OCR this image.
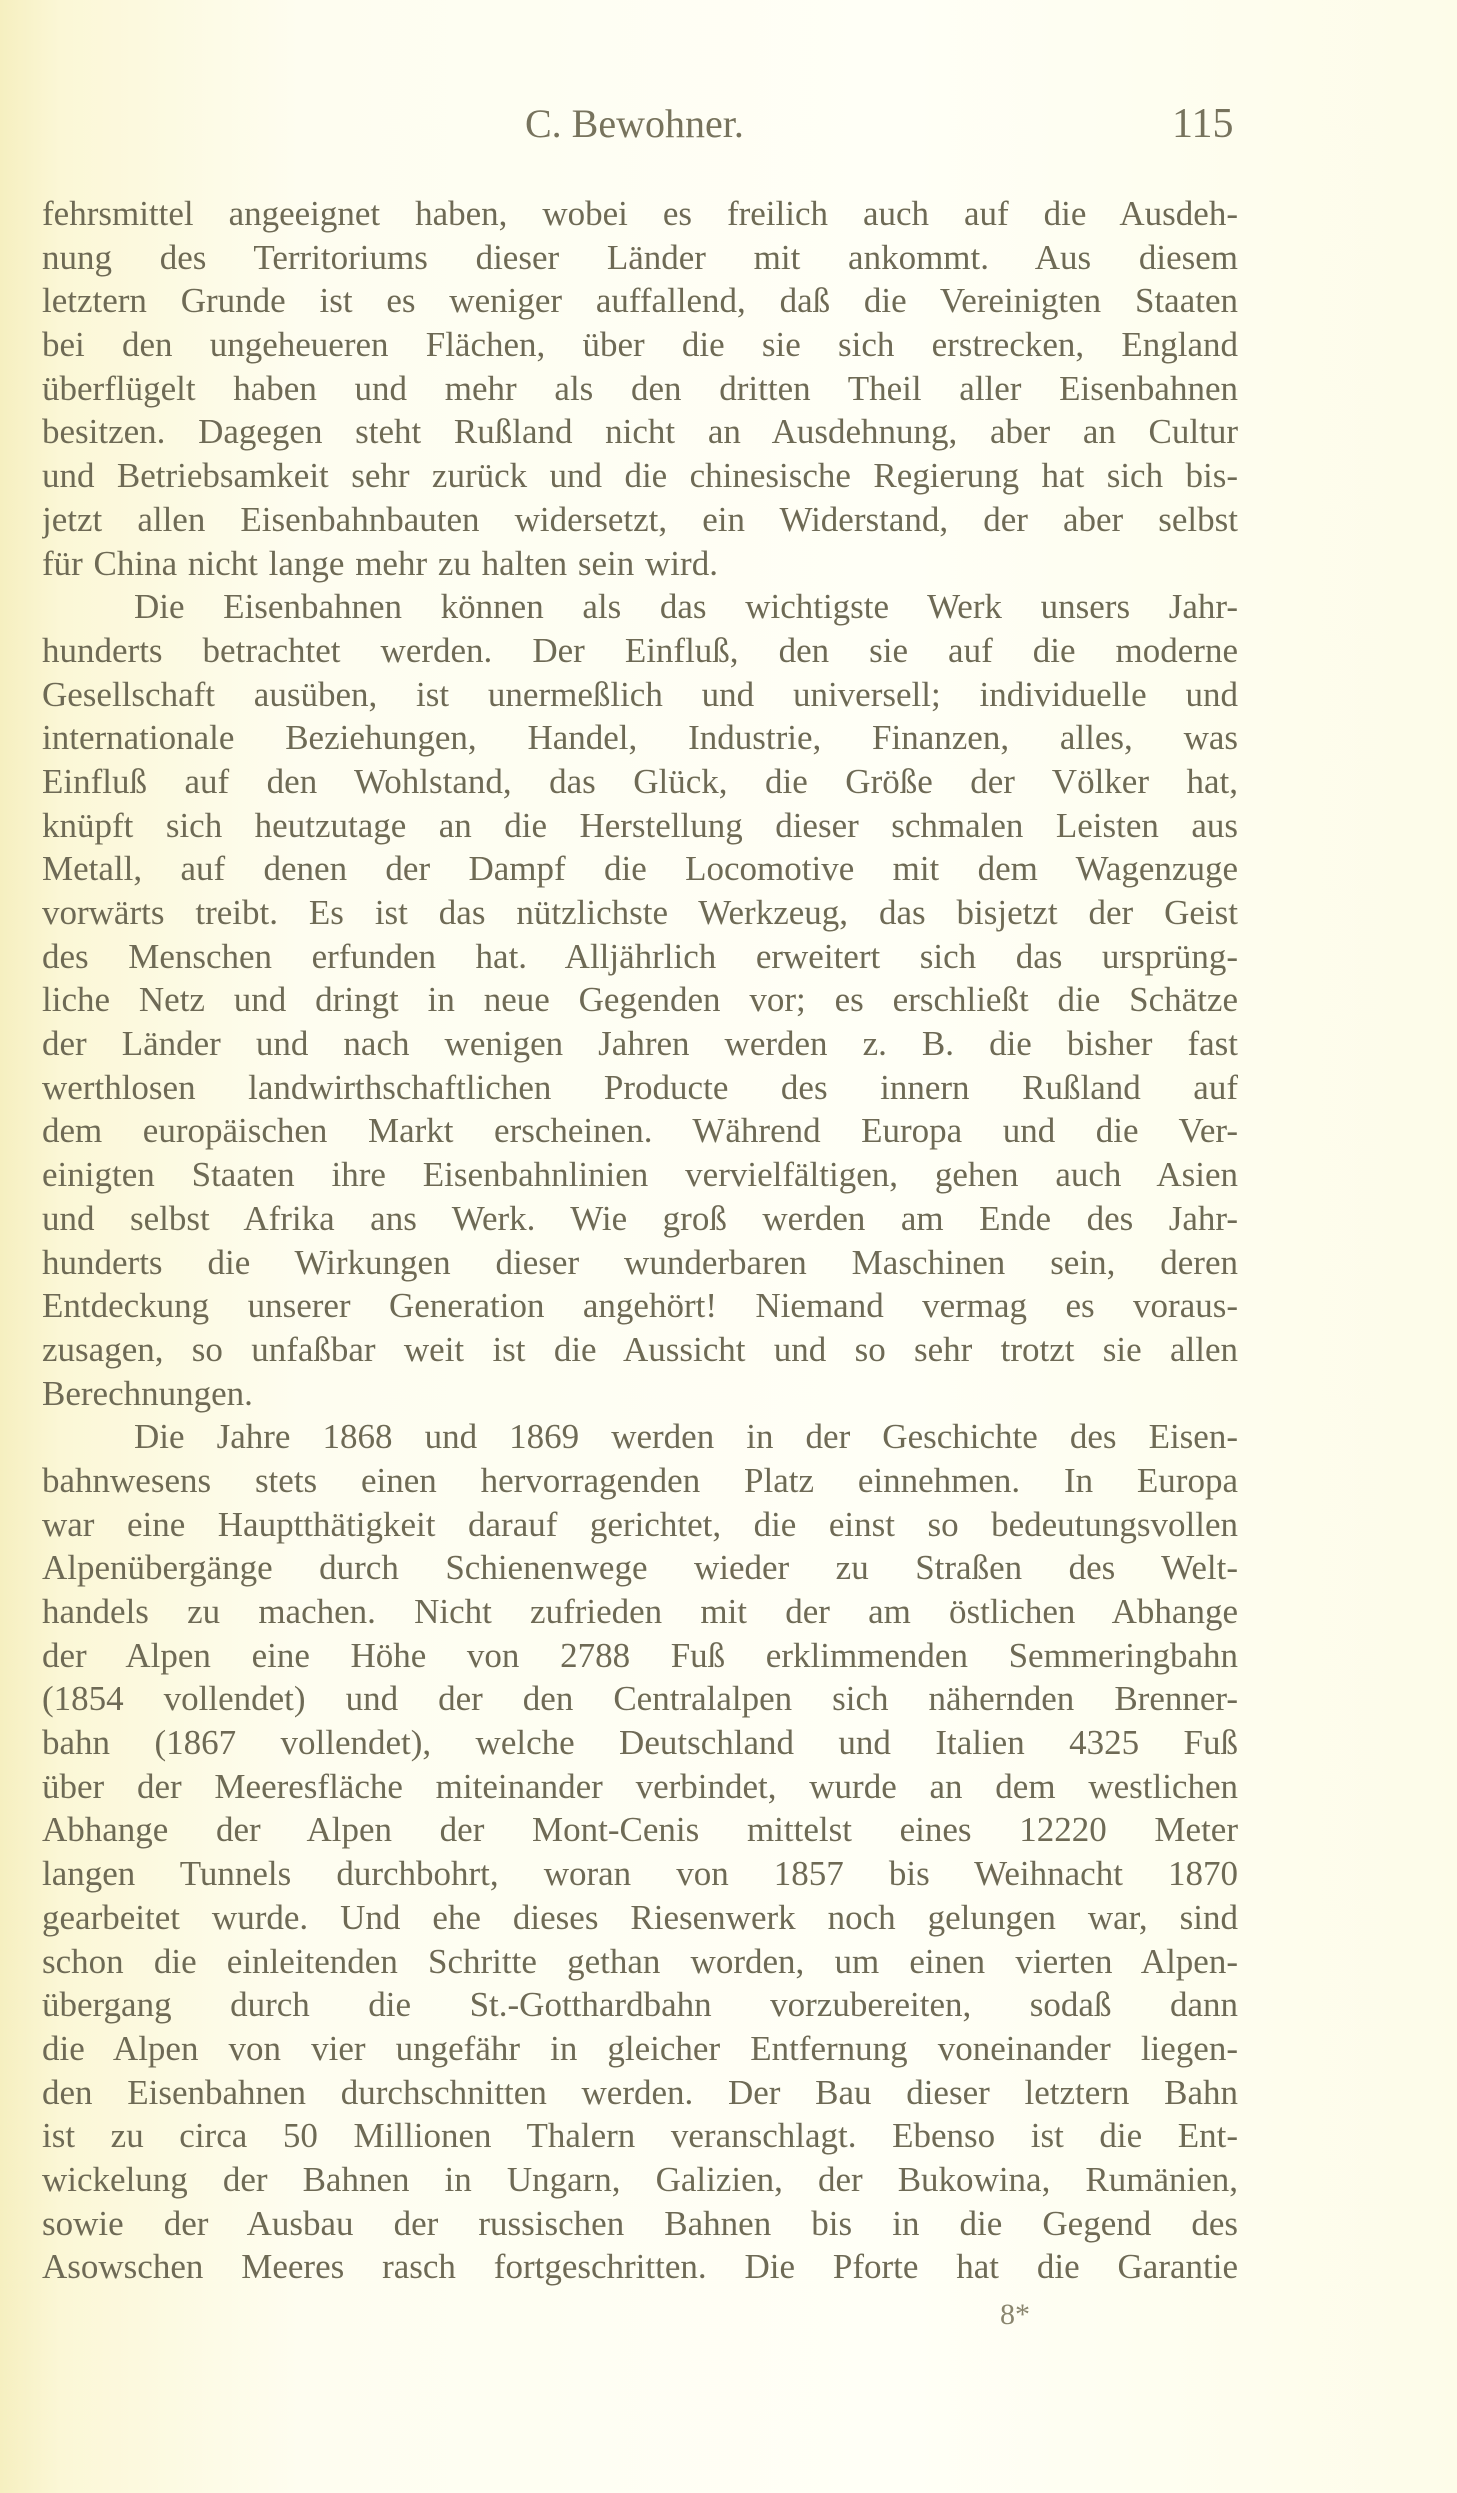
C. Bewohner.	115
fehrsmittel angeeignet haben, wobei es freilich auch auf die Ausdeh-
nung des Territoriums dieser Länder mit ankommt. Aus diesem
letztern Grunde ist es weniger auffallend, daß die Vereinigten Staaten
bei den ungeheueren Flächen, über die sie sich erstrecken, England
überflügelt haben und mehr als den dritten Theil aller Eisenbahnen
besitzen. Dagegen steht Rußland nicht an Ausdehnung, aber an Cultur
und Betriebsamkeit sehr zurück und die chinesische Regierung hat sich bis-
jetzt allen Eisenbahnbauten widersetzt, ein Widerstand, der aber selbst
für China nicht lange mehr zu halten sein wird.
Die Eisenbahnen können als das wichtigste Werk unsers Jahr-
hunderts betrachtet werden. Der Einfluß, den sie auf die moderne
Gesellschaft ausüben, ist unermeßlich und universell; individuelle und
internationale Beziehungen, Handel, Industrie, Finanzen, alles, was
Einfluß auf den Wohlstand, das Glück, die Größe der Völker hat,
knüpft sich heutzutage an die Herstellung dieser schmalen Leisten aus
Metall, auf denen der Dampf die Locomotive mit dem Wagenzuge
vorwärts treibt. Es ist das nützlichste Werkzeug, das bisjetzt der Geist
des Menschen erfunden hat. Alljährlich erweitert sich das ursprüng-
liche Netz und dringt in neue Gegenden vor; es erschließt die Schätze
der Länder und nach wenigen Jahren werden z. B. die bisher fast
werthlosen landwirthschaftlichen Producte des innern Rußland auf
dem europäischen Markt erscheinen. Während Europa und die Ver-
einigten Staaten ihre Eisenbahnlinien vervielfältigen, gehen auch Asien
und selbst Afrika ans Werk. Wie groß werden am Ende des Jahr-
hunderts die Wirkungen dieser wunderbaren Maschinen sein, deren
Entdeckung unserer Generation angehört! Niemand vermag es voraus-
zusagen, so unfaßbar weit ist die Aussicht und so sehr trotzt sie allen
Berechnungen.
Die Jahre 1868 und 1869 werden in der Geschichte des Eisen-
bahnwesens stets einen hervorragenden Platz einnehmen. In Europa
war eine Hauptthätigkeit darauf gerichtet, die einst so bedeutungsvollen
Alpenübergänge durch Schienenwege wieder zu Straßen des Welt-
handels zu machen. Nicht zufrieden mit der am östlichen Abhange
der Alpen eine Höhe von 2788 Fuß erklimmenden Semmeringbahn
(1854 vollendet) und der den Centralalpen sich nähernden Brenner-
bahn (1867 vollendet), welche Deutschland und Italien 4325 Fuß
über der Meeresfläche miteinander verbindet, wurde an dem westlichen
Abhange der Alpen der Mont-Cenis mittelst eines 12220 Meter
langen Tunnels durchbohrt, woran von 1857 bis Weihnacht 1870
gearbeitet wurde. Und ehe dieses Riesenwerk noch gelungen war, sind
schon die einleitenden Schritte gethan worden, um einen vierten Alpen-
übergang durch die St.-Gotthardbahn vorzubereiten, sodaß dann
die Alpen von vier ungefähr in gleicher Entfernung voneinander liegen-
den Eisenbahnen durchschnitten werden. Der Bau dieser letztern Bahn
ist zu circa 50 Millionen Thalern veranschlagt. Ebenso ist die Ent-
wickelung der Bahnen in Ungarn, Galizien, der Bukowina, Rumänien,
sowie der Ausbau der russischen Bahnen bis in die Gegend des
Asowschen Meeres rasch fortgeschritten. Die Pforte hat die Garantie
8*
